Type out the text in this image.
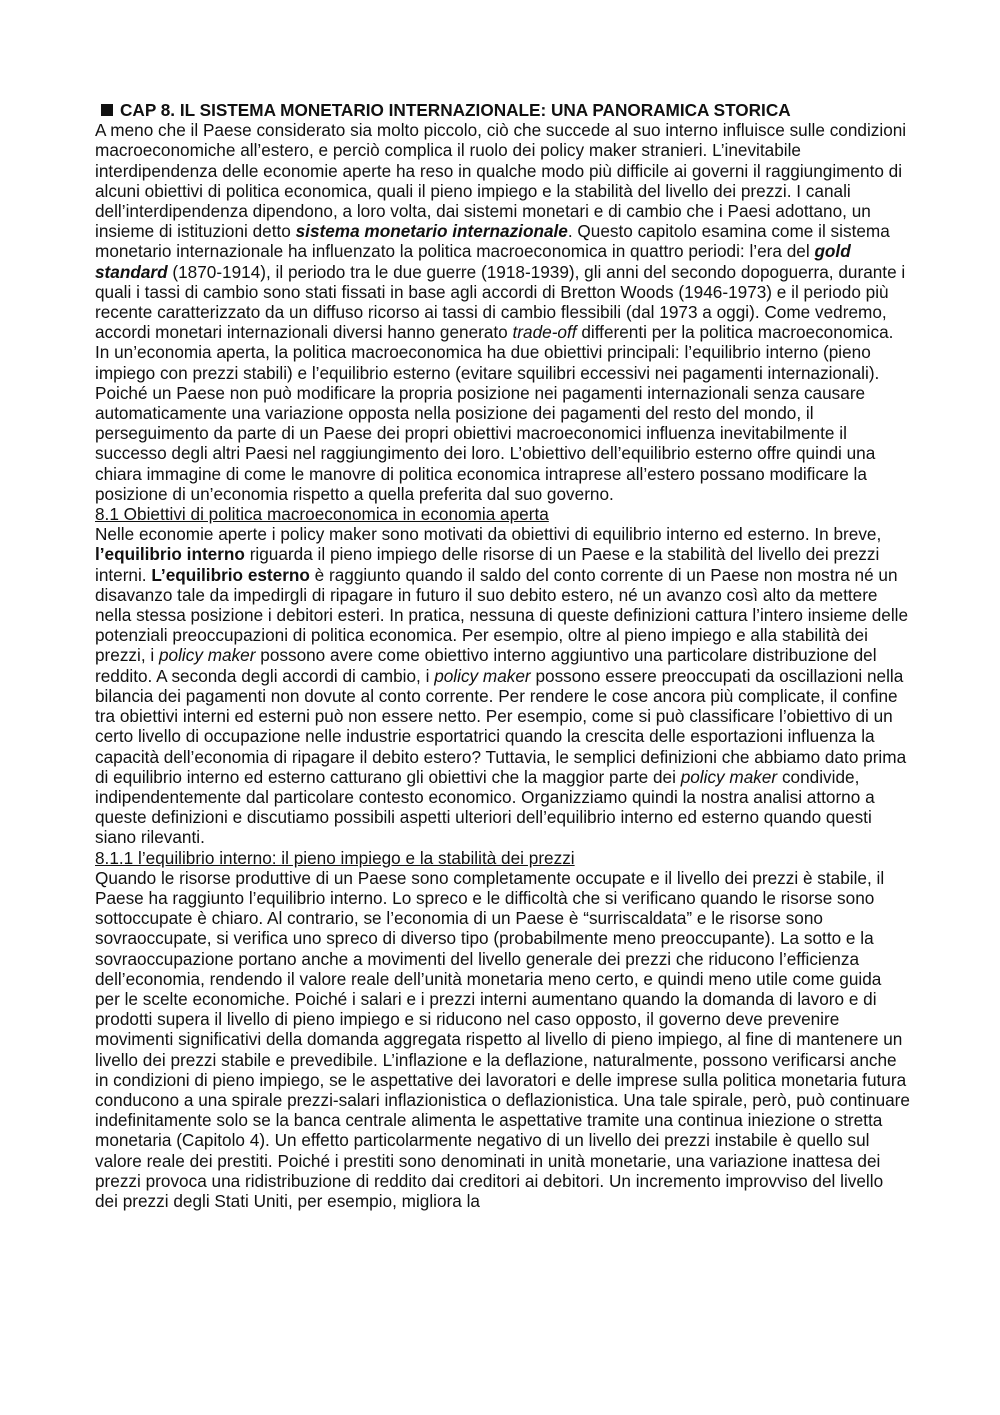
CAP 8. IL SISTEMA MONETARIO INTERNAZIONALE: UNA PANORAMICA STORICA

A meno che il Paese considerato sia molto piccolo, ciò che succede al suo interno influisce sulle condizioni macroeconomiche all’estero, e perciò complica il ruolo dei policy maker stranieri. L’inevitabile interdipendenza delle economie aperte ha reso in qualche modo più difficile ai governi il raggiungimento di alcuni obiettivi di politica economica, quali il pieno impiego e la stabilità del livello dei prezzi. I canali dell’interdipendenza dipendono, a loro volta, dai sistemi monetari e di cambio che i Paesi adottano, un insieme di istituzioni detto sistema monetario internazionale. Questo capitolo esamina come il sistema monetario internazionale ha influenzato la politica macroeconomica in quattro periodi: l’era del gold standard (1870-1914), il periodo tra le due guerre (1918-1939), gli anni del secondo dopoguerra, durante i quali i tassi di cambio sono stati fissati in base agli accordi di Bretton Woods (1946-1973) e il periodo più recente caratterizzato da un diffuso ricorso ai tassi di cambio flessibili (dal 1973 a oggi). Come vedremo, accordi monetari internazionali diversi hanno generato trade-off differenti per la politica macroeconomica. In un’economia aperta, la politica macroeconomica ha due obiettivi principali: l’equilibrio interno (pieno impiego con prezzi stabili) e l’equilibrio esterno (evitare squilibri eccessivi nei pagamenti internazionali). Poiché un Paese non può modificare la propria posizione nei pagamenti internazionali senza causare automaticamente una variazione opposta nella posizione dei pagamenti del resto del mondo, il perseguimento da parte di un Paese dei propri obiettivi macroeconomici influenza inevitabilmente il successo degli altri Paesi nel raggiungimento dei loro. L’obiettivo dell’equilibrio esterno offre quindi una chiara immagine di come le manovre di politica economica intraprese all’estero possano modificare la posizione di un’economia rispetto a quella preferita dal suo governo.

8.1 Obiettivi di politica macroeconomica in economia aperta

Nelle economie aperte i policy maker sono motivati da obiettivi di equilibrio interno ed esterno. In breve, l’equilibrio interno riguarda il pieno impiego delle risorse di un Paese e la stabilità del livello dei prezzi interni. L’equilibrio esterno è raggiunto quando il saldo del conto corrente di un Paese non mostra né un disavanzo tale da impedirgli di ripagare in futuro il suo debito estero, né un avanzo così alto da mettere nella stessa posizione i debitori esteri. In pratica, nessuna di queste definizioni cattura l’intero insieme delle potenziali preoccupazioni di politica economica. Per esempio, oltre al pieno impiego e alla stabilità dei prezzi, i policy maker possono avere come obiettivo interno aggiuntivo una particolare distribuzione del reddito. A seconda degli accordi di cambio, i policy maker possono essere preoccupati da oscillazioni nella bilancia dei pagamenti non dovute al conto corrente. Per rendere le cose ancora più complicate, il confine tra obiettivi interni ed esterni può non essere netto. Per esempio, come si può classificare l’obiettivo di un certo livello di occupazione nelle industrie esportatrici quando la crescita delle esportazioni influenza la capacità dell’economia di ripagare il debito estero? Tuttavia, le semplici definizioni che abbiamo dato prima di equilibrio interno ed esterno catturano gli obiettivi che la maggior parte dei policy maker condivide, indipendentemente dal particolare contesto economico. Organizziamo quindi la nostra analisi attorno a queste definizioni e discutiamo possibili aspetti ulteriori dell’equilibrio interno ed esterno quando questi siano rilevanti.

8.1.1 l’equilibrio interno: il pieno impiego e la stabilità dei prezzi

Quando le risorse produttive di un Paese sono completamente occupate e il livello dei prezzi è stabile, il Paese ha raggiunto l’equilibrio interno. Lo spreco e le difficoltà che si verificano quando le risorse sono sottoccupate è chiaro. Al contrario, se l’economia di un Paese è “surriscaldata” e le risorse sono sovraoccupate, si verifica uno spreco di diverso tipo (probabilmente meno preoccupante). La sotto e la sovraoccupazione portano anche a movimenti del livello generale dei prezzi che riducono l’efficienza dell’economia, rendendo il valore reale dell’unità monetaria meno certo, e quindi meno utile come guida per le scelte economiche. Poiché i salari e i prezzi interni aumentano quando la domanda di lavoro e di prodotti supera il livello di pieno impiego e si riducono nel caso opposto, il governo deve prevenire movimenti significativi della domanda aggregata rispetto al livello di pieno impiego, al fine di mantenere un livello dei prezzi stabile e prevedibile. L’inflazione e la deflazione, naturalmente, possono verificarsi anche in condizioni di pieno impiego, se le aspettative dei lavoratori e delle imprese sulla politica monetaria futura conducono a una spirale prezzi-salari inflazionistica o deflazionistica. Una tale spirale, però, può continuare indefinitamente solo se la banca centrale alimenta le aspettative tramite una continua iniezione o stretta monetaria (Capitolo 4). Un effetto particolarmente negativo di un livello dei prezzi instabile è quello sul valore reale dei prestiti. Poiché i prestiti sono denominati in unità monetarie, una variazione inattesa dei prezzi provoca una ridistribuzione di reddito dai creditori ai debitori. Un incremento improvviso del livello dei prezzi degli Stati Uniti, per esempio, migliora la
